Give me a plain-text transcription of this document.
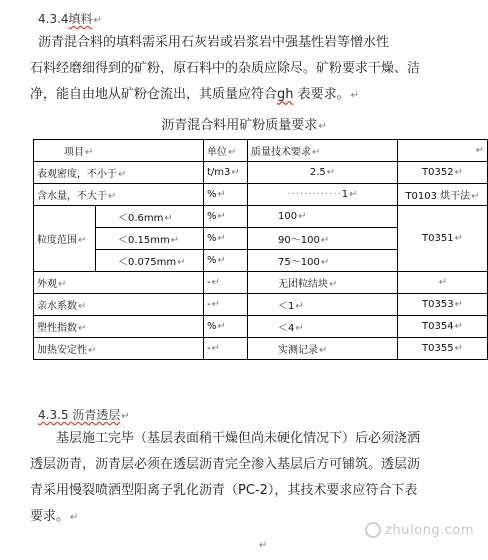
4.3.4填料↵
沥青混合料的填料需采用石灰岩或岩浆岩中强基性岩等憎水性
石料经磨细得到的矿粉，原石料中的杂质应除尽。矿粉要求干燥、洁
净，能自由地从矿粉仓流出，其质量应符合gh 表要求。↵
沥青混合料用矿粉质量要求↵
项目↵		单位↵	质量技术要求↵	↵
表观密度，不小于↵		t/m3↵	2.5↵	T0352↵
含水量，不大于↵		%↵	·············1↵	T0103 烘干法↵
粒度范围↵	＜0.6mm↵	%↵	100↵	T0351↵
	＜0.15mm↵	%↵	90～100↵	
	＜0.075mm↵	%↵	75～100↵	
外观↵		-↵	无团粒结块↵	↵
亲水系数↵		-↵	＜1↵	T0353↵
塑性指数↵		%↵	＜4↵	T0354↵
加热安定性↵		-↵	实测记录↵	T0355↵
4.3.5 沥青透层↵
基层施工完毕（基层表面稍干燥但尚未硬化情况下）后必须浇洒
透层沥青，沥青层必须在透层沥青完全渗入基层后方可铺筑。透层沥
青采用慢裂喷洒型阳离子乳化沥青（PC-2），其技术要求应符合下表
要求。↵
↵
zhulong.com
